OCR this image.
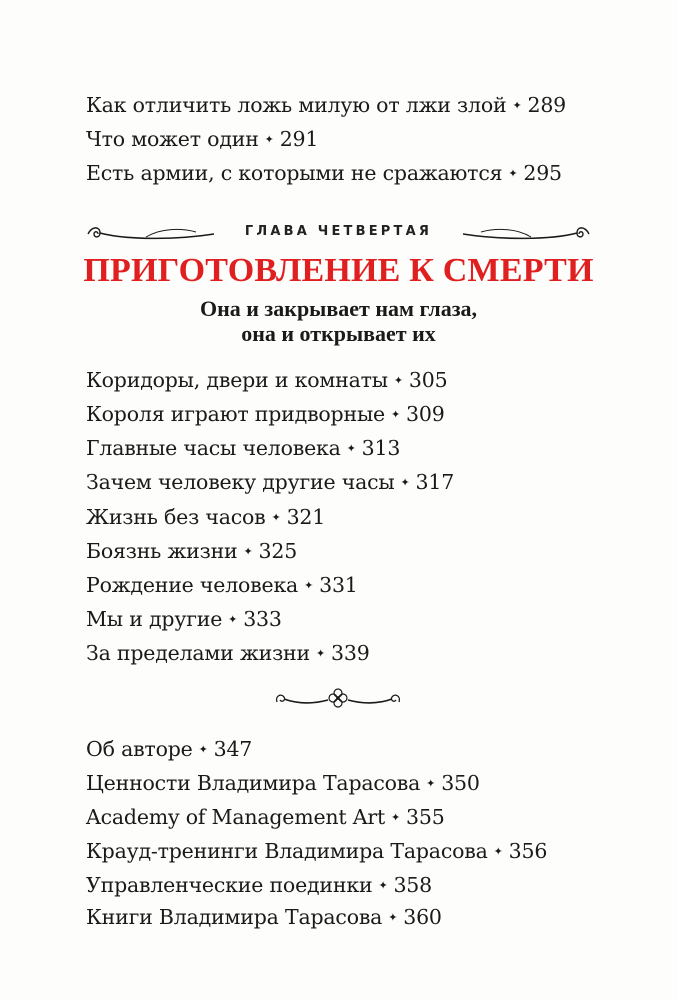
Как отличить ложь милую от лжи злой ✦ 289
Что может один ✦ 291
Есть армии, с которыми не сражаются ✦ 295
ГЛАВА ЧЕТВЕРТАЯ
ПРИГОТОВЛЕНИЕ К СМЕРТИ
Она и закрывает нам глаза,
она и открывает их
Коридоры, двери и комнаты ✦ 305
Короля играют придворные ✦ 309
Главные часы человека ✦ 313
Зачем человеку другие часы ✦ 317
Жизнь без часов ✦ 321
Боязнь жизни ✦ 325
Рождение человека ✦ 331
Мы и другие ✦ 333
За пределами жизни ✦ 339
Об авторе ✦ 347
Ценности Владимира Тарасова ✦ 350
Academy of Management Art ✦ 355
Крауд-тренинги Владимира Тарасова ✦ 356
Управленческие поединки ✦ 358
Книги Владимира Тарасова ✦ 360
